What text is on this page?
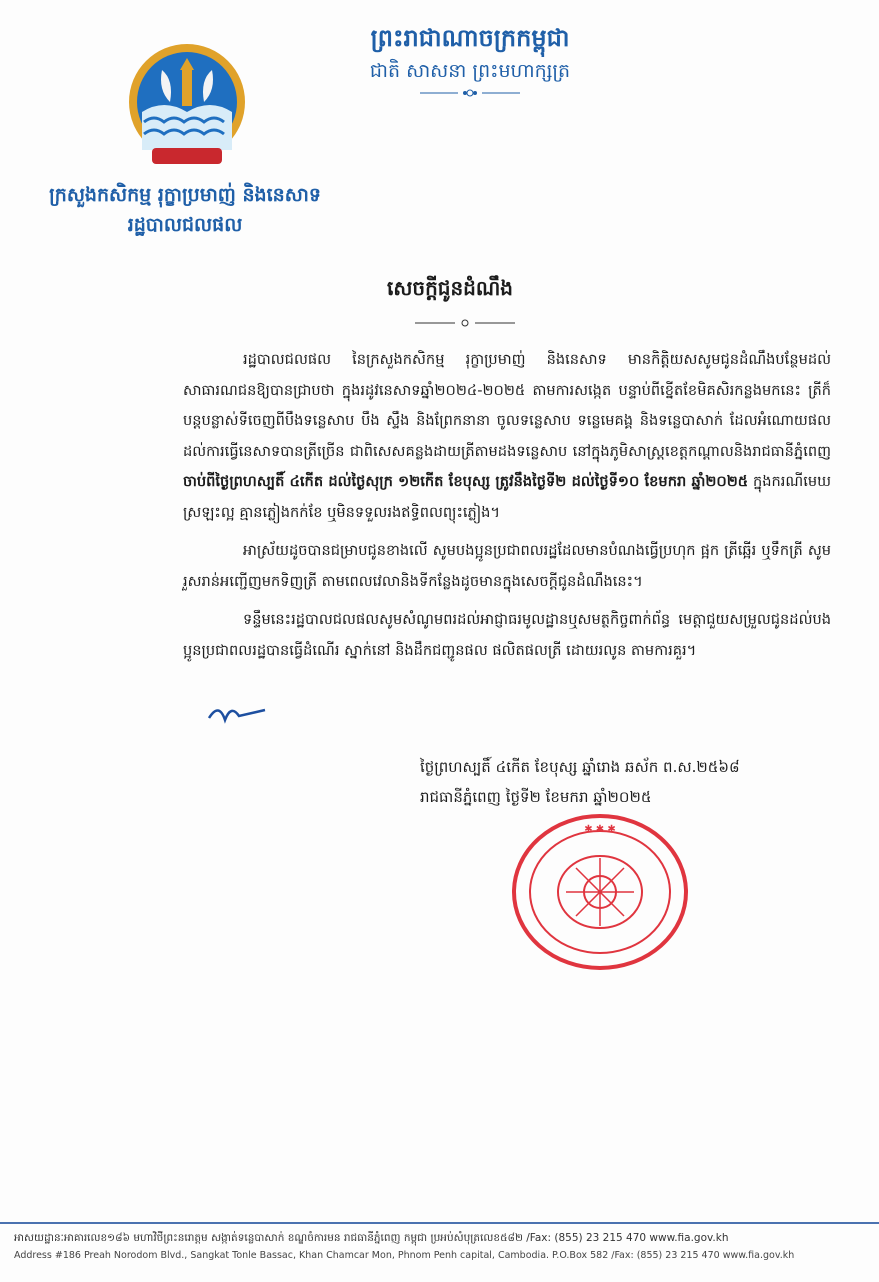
ក្រសួងកសិកម្ម រុក្ខាប្រមាញ់ និងនេសាទ
រដ្ឋបាលជលផល
ព្រះរាជាណាចក្រកម្ពុជា
ជាតិ សាសនា ព្រះមហាក្សត្រ
សេចក្ដីជូនដំណឹង

រដ្ឋបាលជលផល នៃក្រសួងកសិកម្ម រុក្ខាប្រមាញ់ និងនេសាទ មានកិត្តិយសសូមជូនដំណឹងបន្ថែមដល់សាធារណជនឱ្យបានជ្រាបថា ក្នុងរដូវនេសាទឆ្នាំ២០២៤-២០២៥ តាមការសង្កេត បន្ទាប់ពីខ្នើតខែមិគសិរកន្លងមកនេះ ត្រីក៏បន្តបន្លាស់ទីចេញពីបឹងទន្លេសាប បឹង ស្ទឹង និងព្រែកនានា ចូលទន្លេសាប ទន្លេមេគង្គ និងទន្លេបាសាក់ ដែលអំណោយផលដល់ការធ្វើនេសាទបានត្រីច្រើន ជាពិសេសគន្លងដាយត្រីតាមដងទន្លេសាប នៅក្នុងភូមិសាស្ត្រខេត្តកណ្ដាលនិងរាជធានីភ្នំពេញ ចាប់ពីថ្ងៃព្រហស្បតិ៍ ៤កើត ដល់ថ្ងៃសុក្រ ១២កើត ខែបុស្ស ត្រូវនឹងថ្ងៃទី២ ដល់ថ្ងៃទី១០ ខែមករា ឆ្នាំ២០២៥ ក្នុងករណីមេឃស្រឡះល្អ គ្មានភ្លៀងកក់ខែ ឬមិនទទួលរងឥទ្ធិពលព្យុះភ្លៀង។

អាស្រ័យដូចបានជម្រាបជូនខាងលើ សូមបងប្អូនប្រជាពលរដ្ឋដែលមានបំណងធ្វើប្រហុក ផ្អក ត្រីឆ្អើរ ឬទឹកត្រី សូមរួសរាន់អញ្ជើញមកទិញត្រី តាមពេលវេលានិងទីកន្លែងដូចមានក្នុងសេចក្តីជូនដំណឹងនេះ។

ទន្ទឹមនេះរដ្ឋបាលជលផលសូមសំណូមពរដល់អាជ្ញាធរមូលដ្ឋានឬសមត្ថកិច្ចពាក់ព័ន្ធ មេត្តាជួយសម្រួលជូនដល់បងប្អូនប្រជាពលរដ្ឋបានធ្វើដំណើរ ស្នាក់នៅ និងដឹកជញ្ជូនផល ផលិតផលត្រី ដោយរលូន តាមការគួរ។

ថ្ងៃព្រហស្បតិ៍ ៤កើត ខែបុស្ស ឆ្នាំរោង ឆស័ក ព.ស.២៥៦៨
រាជធានីភ្នំពេញ ថ្ងៃទី២ ខែមករា ឆ្នាំ២០២៥
✱ ✱ ✱
អាសយដ្ឋានៈអាគារលេខ១៨៦ មហាវិថីព្រះនរោត្តម សង្កាត់ទន្លេបាសាក់ ខណ្ឌចំការមន រាជធានីភ្នំពេញ កម្ពុជា ប្រអប់សំបុត្រលេខ៥៨២ /Fax: (855) 23 215 470 www.fia.gov.kh
Address #186 Preah Norodom Blvd., Sangkat Tonle Bassac, Khan Chamcar Mon, Phnom Penh capital, Cambodia. P.O.Box 582 /Fax: (855) 23 215 470 www.fia.gov.kh
